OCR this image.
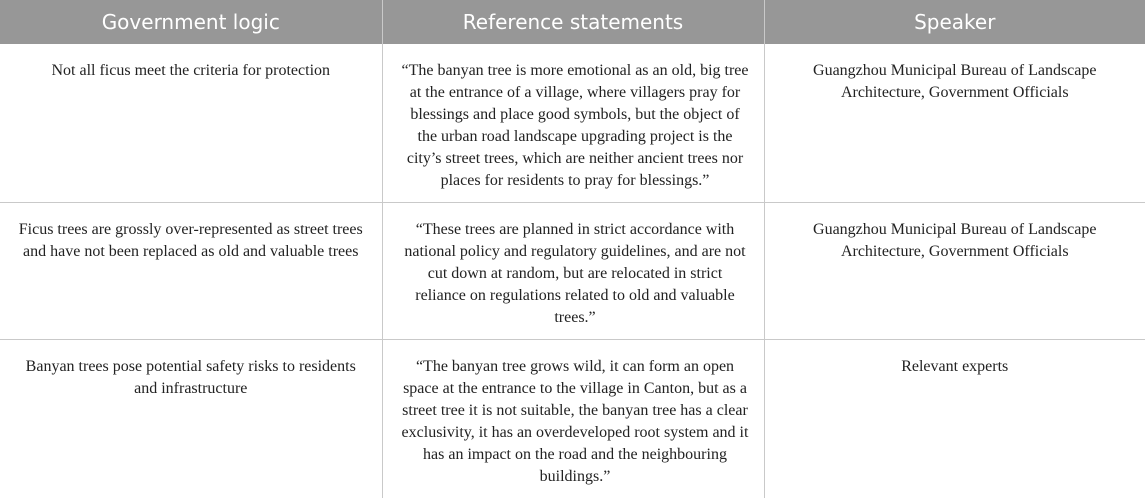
Government logic	Reference statements	Speaker
Not all ficus meet the criteria for protection	“The banyan tree is more emotional as an old, big tree at the entrance of a village, where villagers pray for blessings and place good symbols, but the object of the urban road landscape upgrading project is the city’s street trees, which are neither ancient trees nor places for residents to pray for blessings.”	Guangzhou Municipal Bureau of Landscape Architecture, Government Officials
Ficus trees are grossly over-represented as street trees and have not been replaced as old and valuable trees	“These trees are planned in strict accordance with national policy and regulatory guidelines, and are not cut down at random, but are relocated in strict reliance on regulations related to old and valuable trees.”	Guangzhou Municipal Bureau of Landscape Architecture, Government Officials
Banyan trees pose potential safety risks to residents and infrastructure	“The banyan tree grows wild, it can form an open space at the entrance to the village in Canton, but as a street tree it is not suitable, the banyan tree has a clear exclusivity, it has an overdeveloped root system and it has an impact on the road and the neighbouring buildings.”	Relevant experts
